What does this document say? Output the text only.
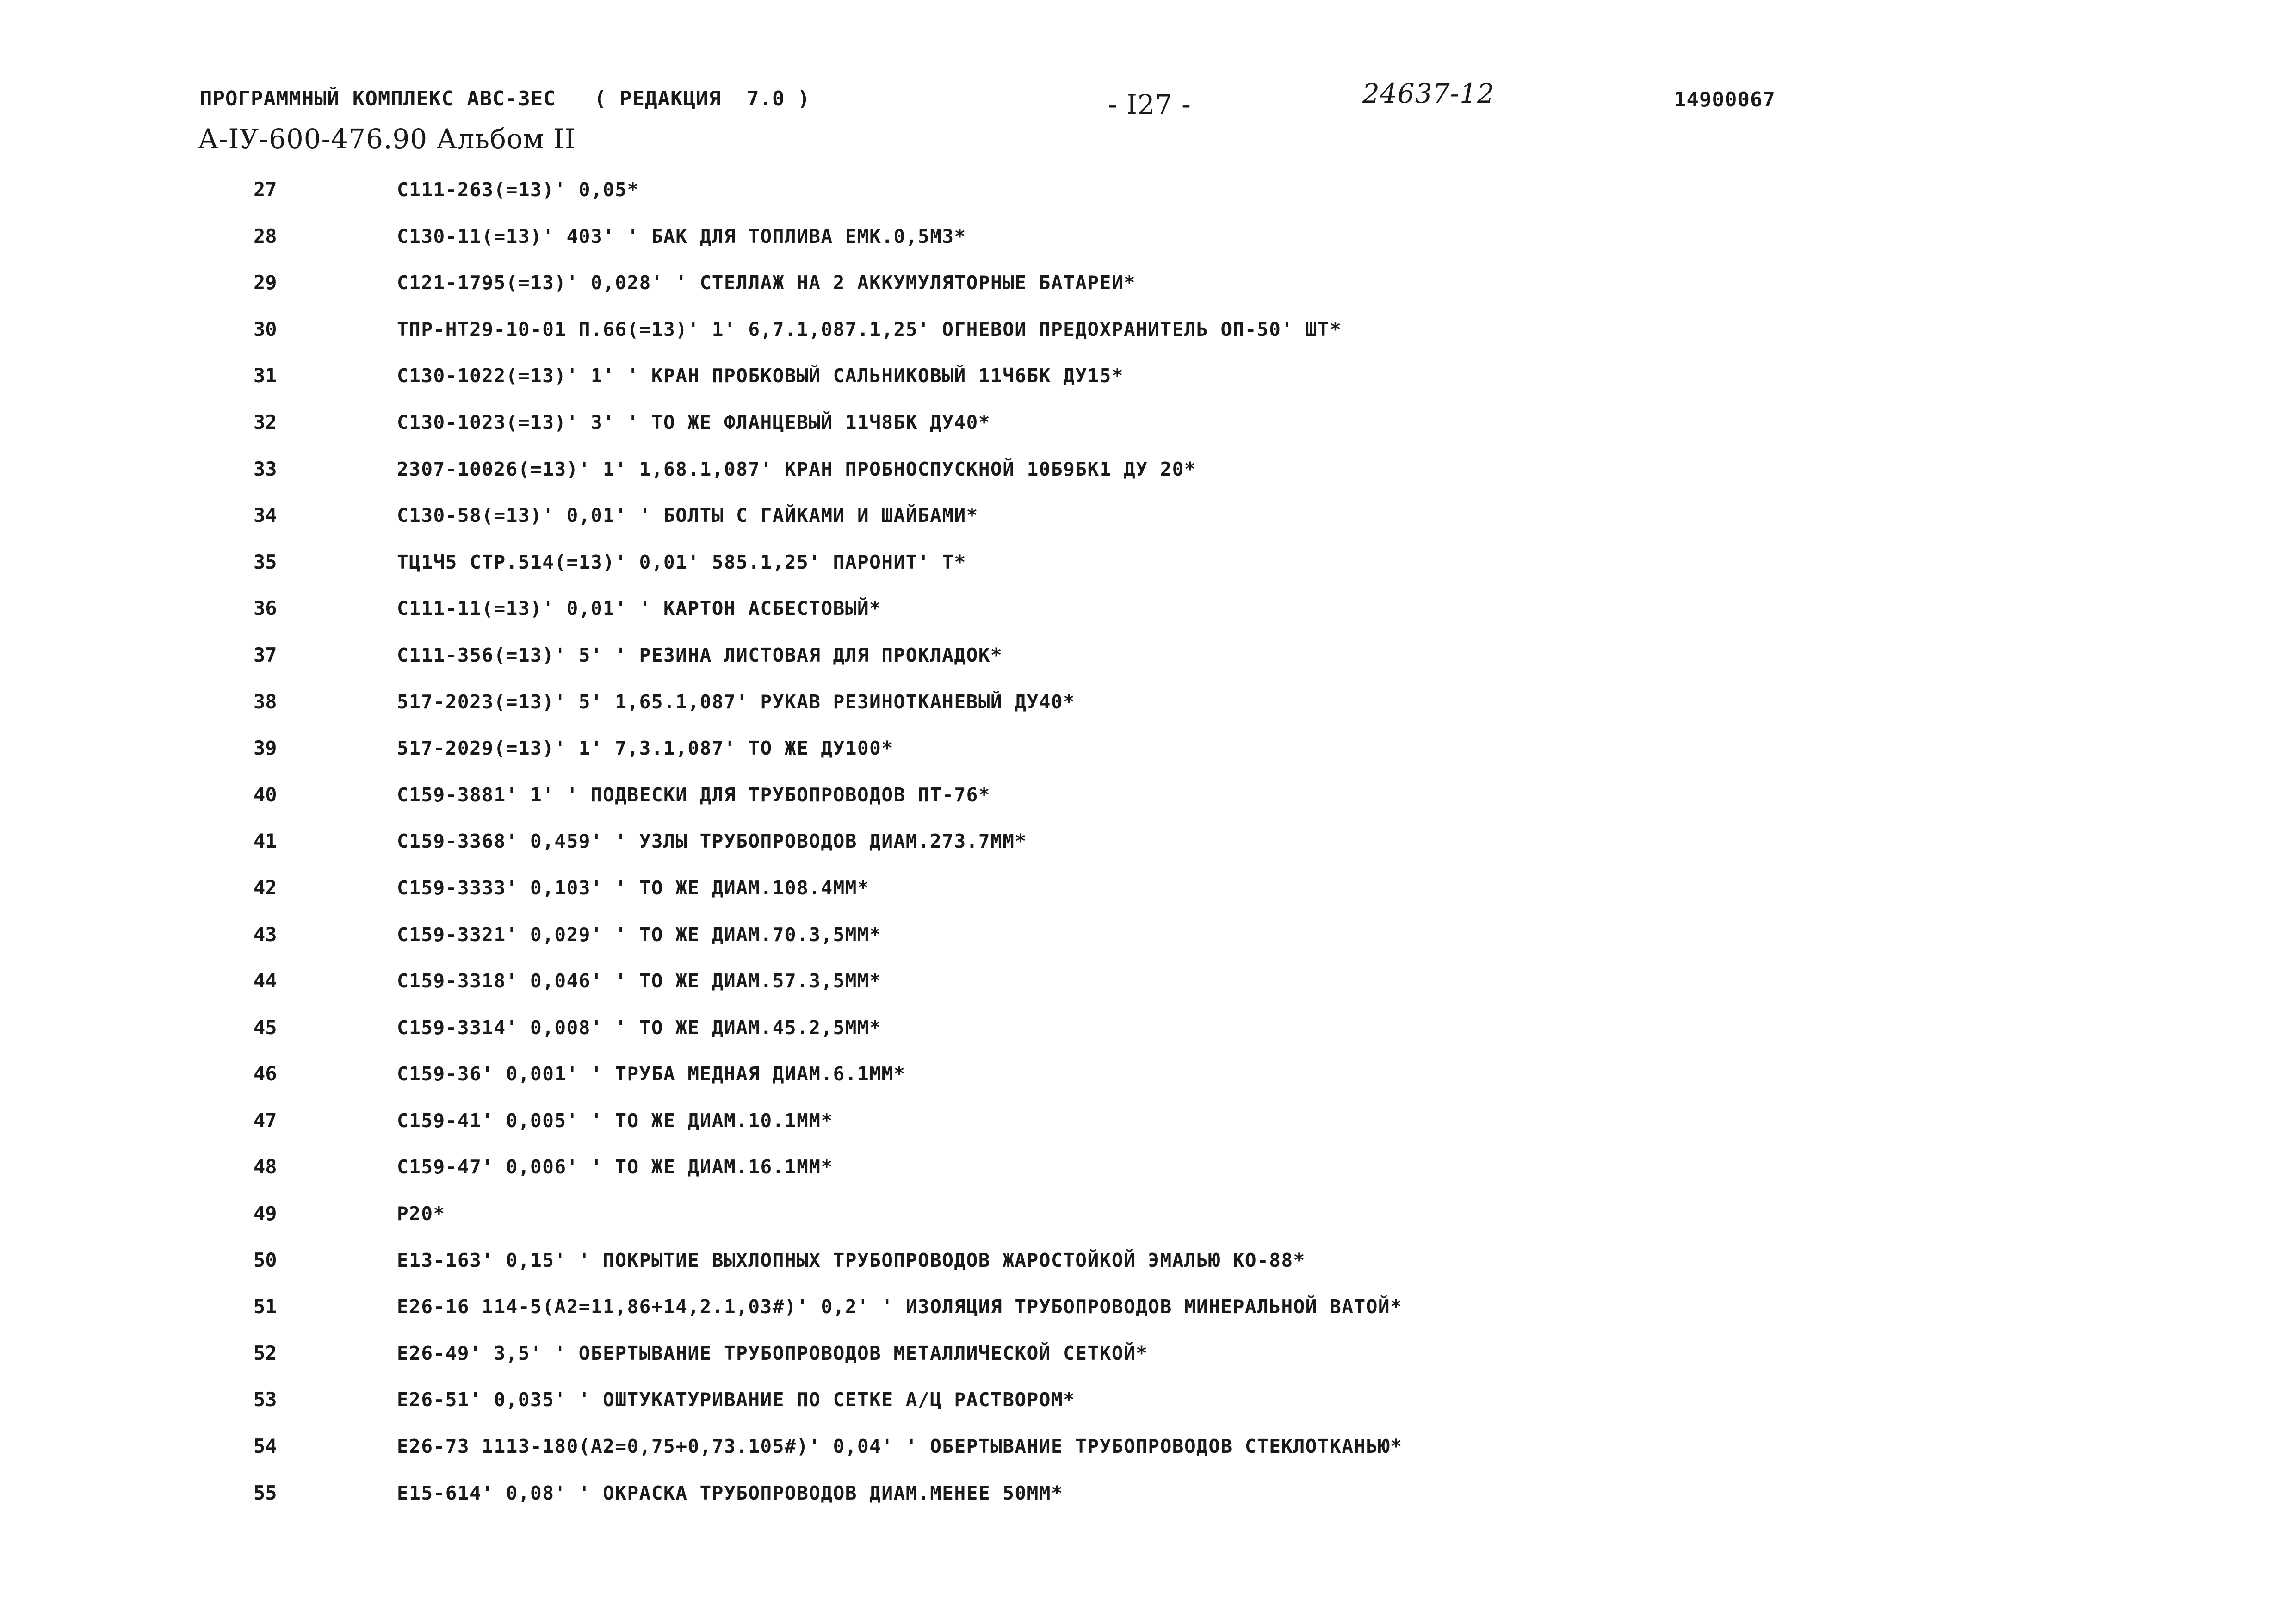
ПРОГРАММНЫЙ КОМПЛЕКС АВС-3ЕС   ( РЕДАКЦИЯ  7.0 )	- I27 -	24637-12	14900067
А-IУ-600-476.90 Альбом II
27	С111-263(=13)' 0,05*
28	С130-11(=13)' 403' ' БАК ДЛЯ ТОПЛИВА ЕМК.0,5М3*
29	С121-1795(=13)' 0,028' ' СТЕЛЛАЖ НА 2 АККУМУЛЯТОРНЫЕ БАТАРЕИ*
30	ТПР-НТ29-10-01 П.66(=13)' 1' 6,7.1,087.1,25' ОГНЕВОИ ПРЕДОХРАНИТЕЛЬ ОП-50' ШТ*
31	С130-1022(=13)' 1' ' КРАН ПРОБКОВЫЙ САЛЬНИКОВЫЙ 11Ч6БК ДУ15*
32	С130-1023(=13)' 3' ' ТО ЖЕ ФЛАНЦЕВЫЙ 11Ч8БК ДУ40*
33	2307-10026(=13)' 1' 1,68.1,087' КРАН ПРОБНОСПУСКНОЙ 10Б9БК1 ДУ 20*
34	С130-58(=13)' 0,01' ' БОЛТЫ С ГАЙКАМИ И ШАЙБАМИ*
35	ТЦ1Ч5 СТР.514(=13)' 0,01' 585.1,25' ПАРОНИТ' Т*
36	С111-11(=13)' 0,01' ' КАРТОН АСБЕСТОВЫЙ*
37	С111-356(=13)' 5' ' РЕЗИНА ЛИСТОВАЯ ДЛЯ ПРОКЛАДОК*
38	517-2023(=13)' 5' 1,65.1,087' РУКАВ РЕЗИНОТКАНЕВЫЙ ДУ40*
39	517-2029(=13)' 1' 7,3.1,087' ТО ЖЕ ДУ100*
40	С159-3881' 1' ' ПОДВЕСКИ ДЛЯ ТРУБОПРОВОДОВ ПТ-76*
41	С159-3368' 0,459' ' УЗЛЫ ТРУБОПРОВОДОВ ДИАМ.273.7ММ*
42	С159-3333' 0,103' ' ТО ЖЕ ДИАМ.108.4ММ*
43	С159-3321' 0,029' ' ТО ЖЕ ДИАМ.70.3,5ММ*
44	С159-3318' 0,046' ' ТО ЖЕ ДИАМ.57.3,5ММ*
45	С159-3314' 0,008' ' ТО ЖЕ ДИАМ.45.2,5ММ*
46	С159-36' 0,001' ' ТРУБА МЕДНАЯ ДИАМ.6.1ММ*
47	С159-41' 0,005' ' ТО ЖЕ ДИАМ.10.1ММ*
48	С159-47' 0,006' ' ТО ЖЕ ДИАМ.16.1ММ*
49	Р20*
50	Е13-163' 0,15' ' ПОКРЫТИЕ ВЫХЛОПНЫХ ТРУБОПРОВОДОВ ЖАРОСТОЙКОЙ ЭМАЛЬЮ КО-88*
51	Е26-16 114-5(А2=11,86+14,2.1,03#)' 0,2' ' ИЗОЛЯЦИЯ ТРУБОПРОВОДОВ МИНЕРАЛЬНОЙ ВАТОЙ*
52	Е26-49' 3,5' ' ОБЕРТЫВАНИЕ ТРУБОПРОВОДОВ МЕТАЛЛИЧЕСКОЙ СЕТКОЙ*
53	Е26-51' 0,035' ' ОШТУКАТУРИВАНИЕ ПО СЕТКЕ А/Ц РАСТВОРОМ*
54	Е26-73 1113-180(А2=0,75+0,73.105#)' 0,04' ' ОБЕРТЫВАНИЕ ТРУБОПРОВОДОВ СТЕКЛОТКАНЬЮ*
55	Е15-614' 0,08' ' ОКРАСКА ТРУБОПРОВОДОВ ДИАМ.МЕНЕЕ 50ММ*
